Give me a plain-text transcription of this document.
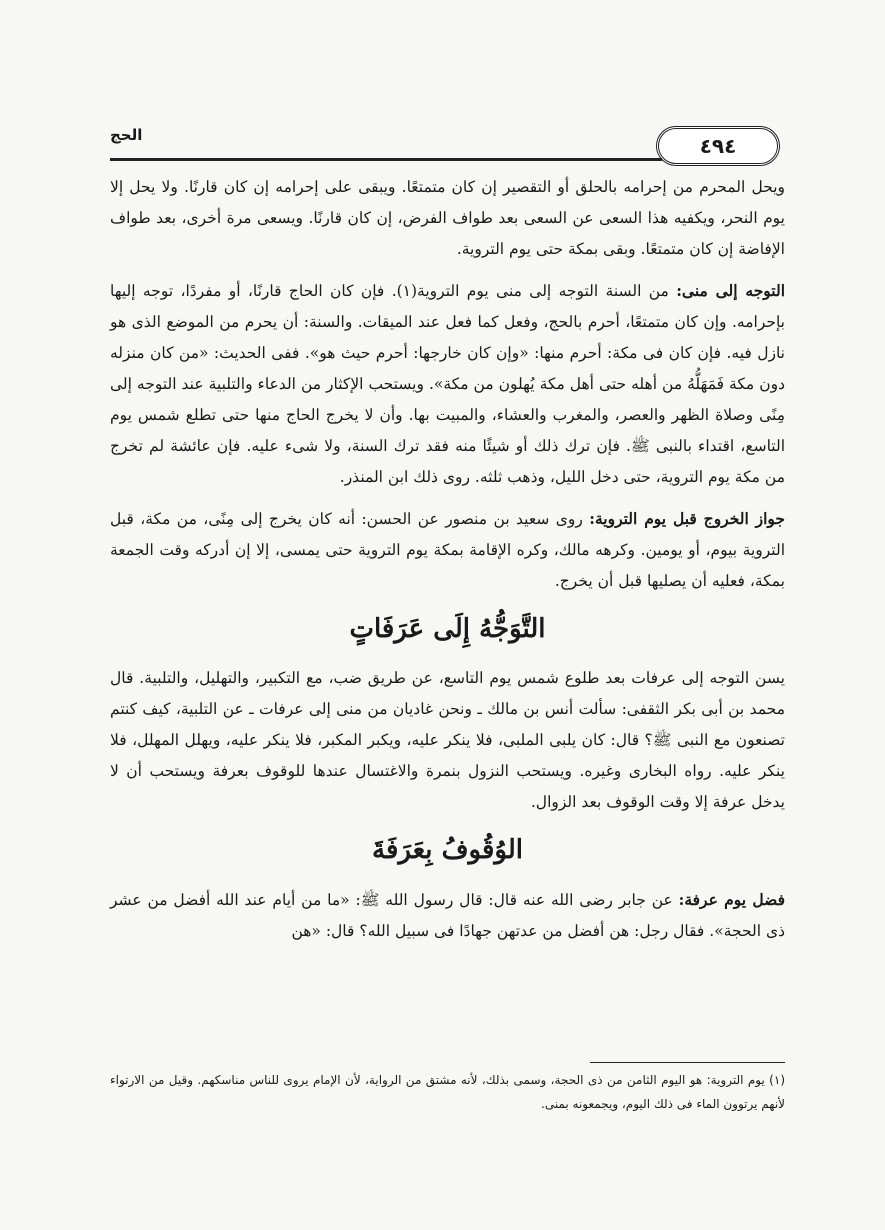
٤٩٤
الحج

ويحل المحرم من إحرامه بالحلق أو التقصير إن كان متمتعًا. ويبقى على إحرامه إن كان قارنًا. ولا يحل إلا يوم النحر، ويكفيه هذا السعى عن السعى بعد طواف الفرض، إن كان قارنًا. ويسعى مرة أخرى، بعد طواف الإفاضة إن كان متمتعًا. وبقى بمكة حتى يوم التروية.

التوجه إلى منى: من السنة التوجه إلى منى يوم التروية(١). فإن كان الحاج قارنًا، أو مفردًا، توجه إليها بإحرامه. وإن كان متمتعًا، أحرم بالحج، وفعل كما فعل عند الميقات. والسنة: أن يحرم من الموضع الذى هو نازل فيه. فإن كان فى مكة: أحرم منها: «وإن كان خارجها: أحرم حيث هو». ففى الحديث: «من كان منزله دون مكة فَمَهَلُّهُ من أهله حتى أهل مكة يُهلون من مكة». ويستحب الإكثار من الدعاء والتلبية عند التوجه إلى مِنًى وصلاة الظهر والعصر، والمغرب والعشاء، والمبيت بها. وأن لا يخرج الحاج منها حتى تطلع شمس يوم التاسع، اقتداء بالنبى ﷺ. فإن ترك ذلك أو شيئًا منه فقد ترك السنة، ولا شىء عليه. فإن عائشة لم تخرج من مكة يوم التروية، حتى دخل الليل، وذهب ثلثه. روى ذلك ابن المنذر.

جواز الخروج قبل يوم التروية: روى سعيد بن منصور عن الحسن: أنه كان يخرج إلى مِنًى، من مكة، قبل التروية بيوم، أو يومين. وكرهه مالك، وكره الإقامة بمكة يوم التروية حتى يمسى، إلا إن أدركه وقت الجمعة بمكة، فعليه أن يصليها قبل أن يخرج.

التَّوَجُّهُ إِلَى عَرَفَاتٍ

يسن التوجه إلى عرفات بعد طلوع شمس يوم التاسع، عن طريق ضب، مع التكبير، والتهليل، والتلبية. قال محمد بن أبى بكر الثقفى: سألت أنس بن مالك ـ ونحن غاديان من منى إلى عرفات ـ عن التلبية، كيف كنتم تصنعون مع النبى ﷺ؟ قال: كان يلبى الملبى، فلا ينكر عليه، ويكبر المكبر، فلا ينكر عليه، ويهلل المهلل، فلا ينكر عليه. رواه البخارى وغيره. ويستحب النزول بنمرة والاغتسال عندها للوقوف بعرفة ويستحب أن لا يدخل عرفة إلا وقت الوقوف بعد الزوال.

الوُقُوفُ بِعَرَفَةَ

فضل يوم عرفة: عن جابر رضى الله عنه قال: قال رسول الله ﷺ: «ما من أيام عند الله أفضل من عشر ذى الحجة». فقال رجل: هن أفضل من عدتهن جهادًا فى سبيل الله؟ قال: «هن

(١) يوم التروية: هو اليوم الثامن من ذى الحجة، وسمى بذلك، لأنه مشتق من الرواية، لأن الإمام يروى للناس مناسكهم. وقيل من الارتواء لأنهم يرتوون الماء فى ذلك اليوم، ويجمعونه بمنى.
